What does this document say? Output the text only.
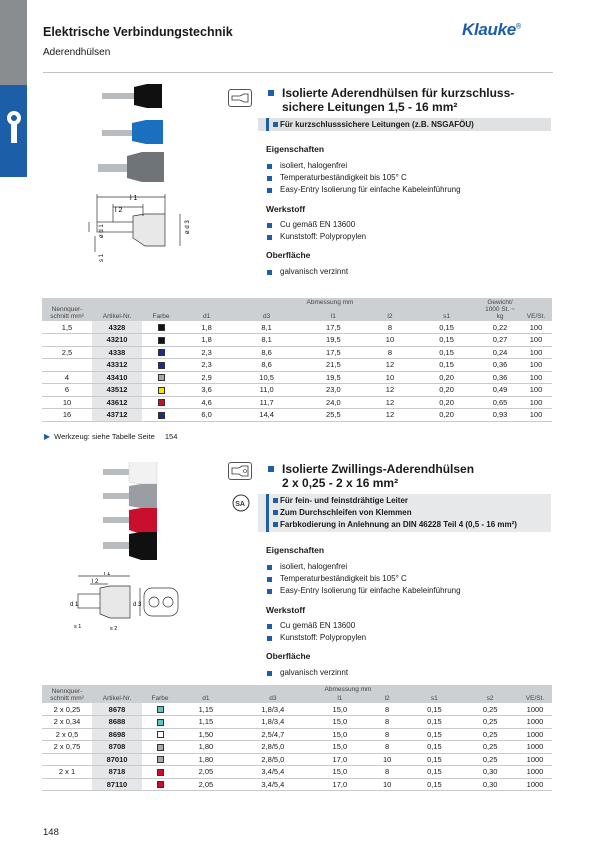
Elektrische Verbindungstechnik
Aderendhülsen
Klauke®
l 1
l 2
ø d 1	ø d 3
s 1
Isolierte Aderendhülsen für kurzschluss-
sichere Leitungen 1,5 - 16 mm²
Für kurzschlusssichere Leitungen (z.B. NSGAFÖU)
Eigenschaften
isoliert, halogenfrei
Temperaturbeständigkeit bis 105° C
Easy-Entry Isolierung für einfache Kabeleinführung
Werkstoff
Cu gemäß EN 13600
Kunststoff: Polypropylen
Oberfläche
galvanisch verzinnt
Nennquer-schnitt mm²	Artikel-Nr.	Farbe	Abmessung mm					Gewicht/ 1000 St. ~ kg	VE/St.
			d1	d3	l1	l2	s1		
1,5	4328		1,8	8,1	17,5	8	0,15	0,22	100
	43210		1,8	8,1	19,5	10	0,15	0,27	100
2,5	4338		2,3	8,6	17,5	8	0,15	0,24	100
	43312		2,3	8,6	21,5	12	0,15	0,36	100
4	43410		2,9	10,5	19,5	10	0,20	0,36	100
6	43512		3,6	11,0	23,0	12	0,20	0,49	100
10	43612		4,6	11,7	24,0	12	0,20	0,65	100
16	43712		6,0	14,4	25,5	12	0,20	0,93	100
▶ Werkzeug: siehe Tabelle Seite 154
l 1
l 2
d 1	d 3
s 1	s 2
Isolierte Zwillings-Aderendhülsen
2 x 0,25 - 2 x 16 mm²
SA	Für fein- und feinstdrähtige Leiter
Zum Durchschleifen von Klemmen
Farbkodierung in Anlehnung an DIN 46228 Teil 4 (0,5 - 16 mm²)
Eigenschaften
isoliert, halogenfrei
Temperaturbeständigkeit bis 105° C
Easy-Entry Isolierung für einfache Kabeleinführung
Werkstoff
Cu gemäß EN 13600
Kunststoff: Polypropylen
Oberfläche
galvanisch verzinnt
Nennquer-schnitt mm²	Artikel-Nr.	Farbe	Abmessung mm						VE/St.
			d1	d3	l1	l2	s1	s2	
2 x 0,25	8678		1,15	1,8/3,4	15,0	8	0,15	0,25	1000
2 x 0,34	8688		1,15	1,8/3,4	15,0	8	0,15	0,25	1000
2 x 0,5	8698		1,50	2,5/4,7	15,0	8	0,15	0,25	1000
2 x 0,75	8708		1,80	2,8/5,0	15,0	8	0,15	0,25	1000
	87010		1,80	2,8/5,0	17,0	10	0,15	0,25	1000
2 x 1	8718		2,05	3,4/5,4	15,0	8	0,15	0,30	1000
	87110		2,05	3,4/5,4	17,0	10	0,15	0,30	1000
148
